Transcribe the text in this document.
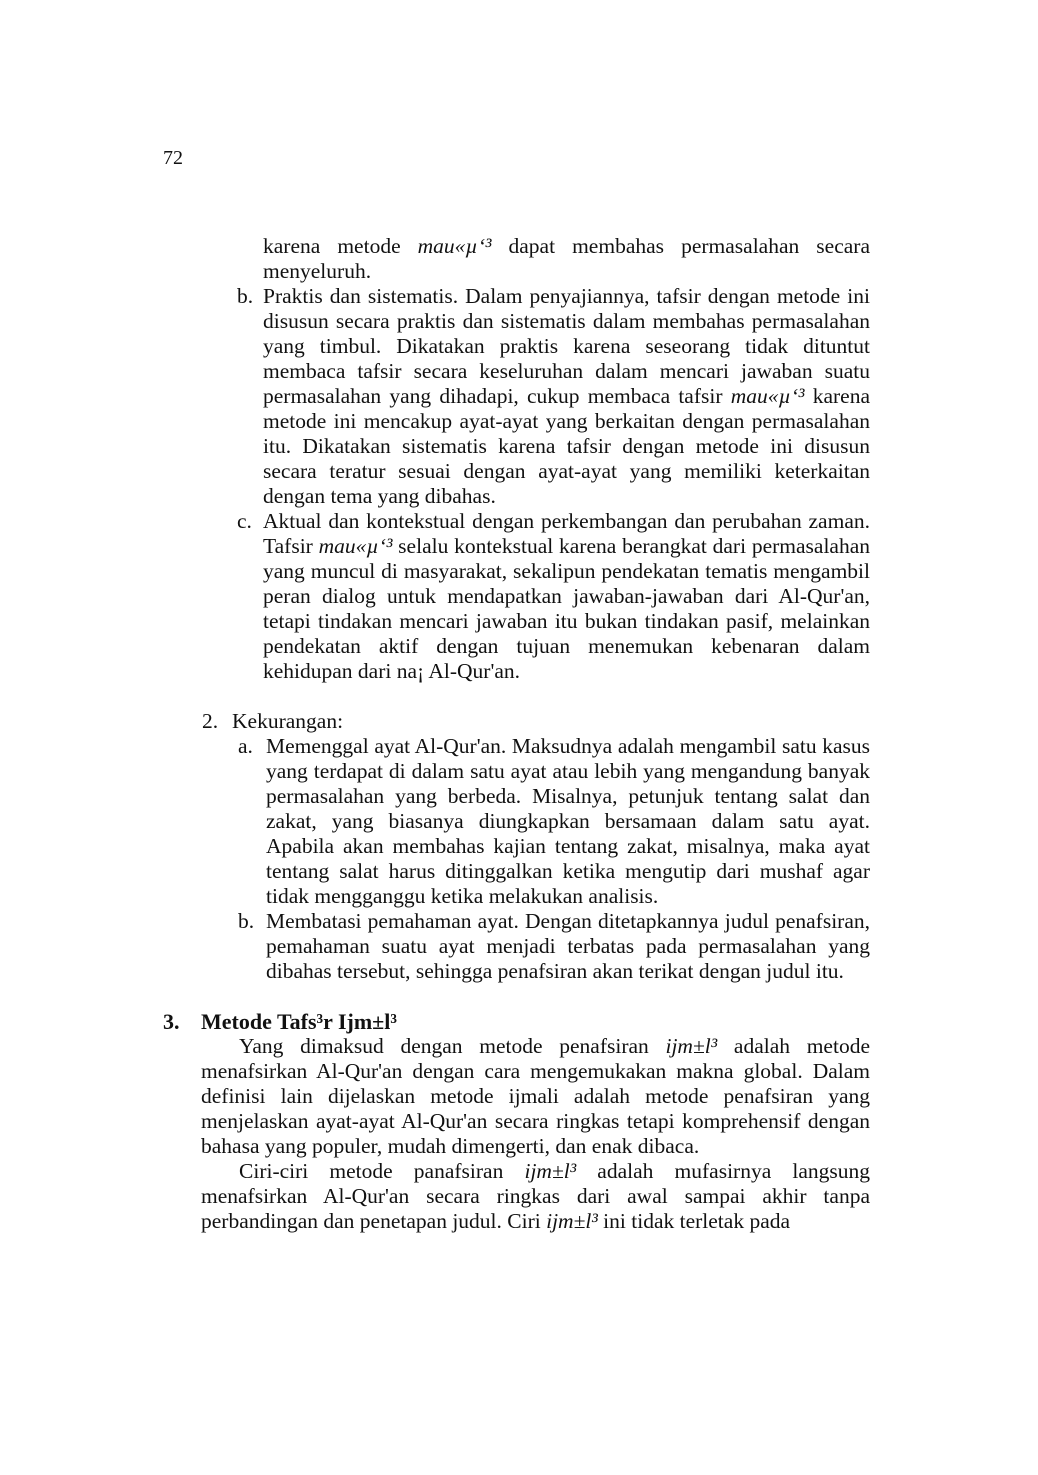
72

karena metode mau«µ‘³ dapat membahas permasalahan secara menyeluruh.

b. Praktis dan sistematis. Dalam penyajiannya, tafsir dengan metode ini disusun secara praktis dan sistematis dalam membahas permasalahan yang timbul. Dikatakan praktis karena seseorang tidak dituntut membaca tafsir secara keseluruhan dalam mencari jawaban suatu permasalahan yang dihadapi, cukup membaca tafsir mau«µ‘³ karena metode ini mencakup ayat-ayat yang berkaitan dengan permasalahan itu. Dikatakan sistematis karena tafsir dengan metode ini disusun secara teratur sesuai dengan ayat-ayat yang memiliki keterkaitan dengan tema yang dibahas.

c. Aktual dan kontekstual dengan perkembangan dan perubahan zaman. Tafsir mau«µ‘³ selalu kontekstual karena berangkat dari permasalahan yang muncul di masyarakat, sekalipun pendekatan tematis mengambil peran dialog untuk mendapatkan jawaban-jawaban dari Al-Qur'an, tetapi tindakan mencari jawaban itu bukan tindakan pasif, melainkan pendekatan aktif dengan tujuan menemukan kebenaran dalam kehidupan dari na¡ Al-Qur'an.

2. Kekurangan:
a. Memenggal ayat Al-Qur'an. Maksudnya adalah mengambil satu kasus yang terdapat di dalam satu ayat atau lebih yang mengandung banyak permasalahan yang berbeda. Misalnya, petunjuk tentang salat dan zakat, yang biasanya diungkapkan bersamaan dalam satu ayat. Apabila akan membahas kajian tentang zakat, misalnya, maka ayat tentang salat harus ditinggalkan ketika mengutip dari mushaf agar tidak mengganggu ketika melakukan analisis.

b. Membatasi pemahaman ayat. Dengan ditetapkannya judul penafsiran, pemahaman suatu ayat menjadi terbatas pada permasalahan yang dibahas tersebut, sehingga penafsiran akan terikat dengan judul itu.

3. Metode Tafs³r Ijm±l³

Yang dimaksud dengan metode penafsiran ijm±l³ adalah metode menafsirkan Al-Qur'an dengan cara mengemukakan makna global. Dalam definisi lain dijelaskan metode ijmali adalah metode penafsiran yang menjelaskan ayat-ayat Al-Qur'an secara ringkas tetapi komprehensif dengan bahasa yang populer, mudah dimengerti, dan enak dibaca.

Ciri-ciri metode panafsiran ijm±l³ adalah mufasirnya langsung menafsirkan Al-Qur'an secara ringkas dari awal sampai akhir tanpa perbandingan dan penetapan judul. Ciri ijm±l³ ini tidak terletak pada
